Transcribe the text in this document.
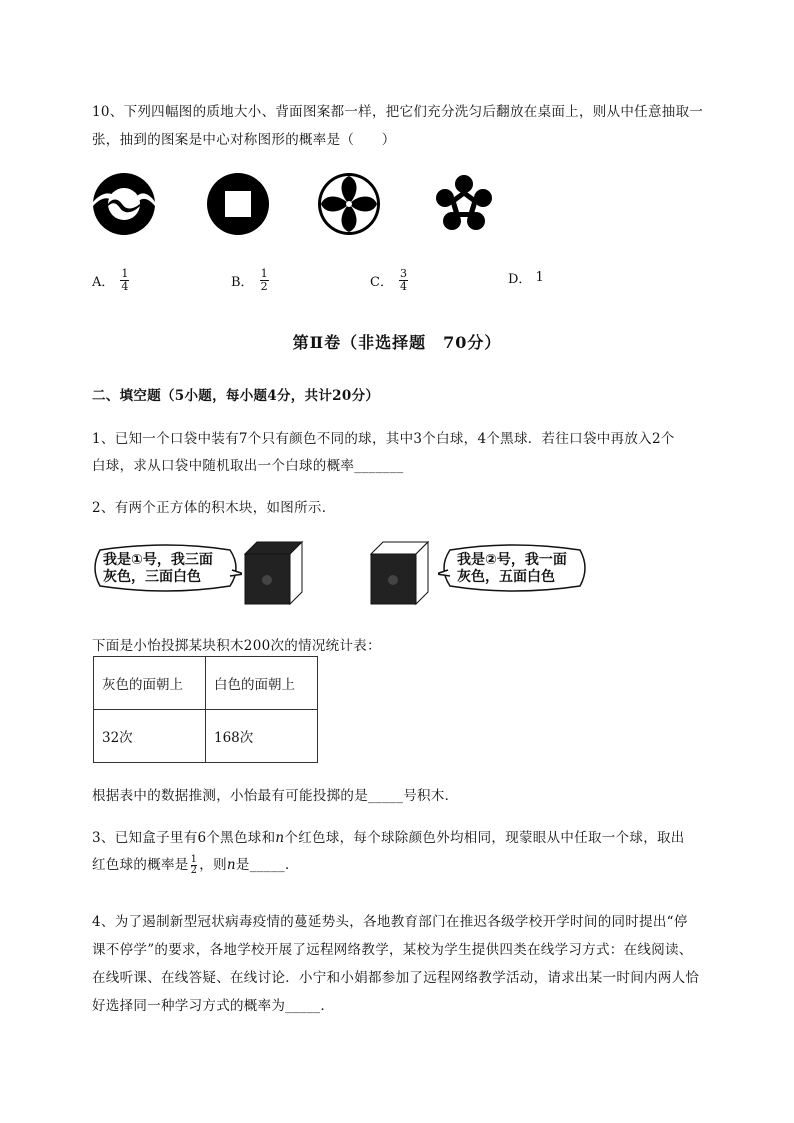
10、下列四幅图的质地大小、背面图案都一样，把它们充分洗匀后翻放在桌面上，则从中任意抽取一
张，抽到的图案是中心对称图形的概率是（　　）
A． $\frac{1}{4}$	B． $\frac{1}{2}$	C． $\frac{3}{4}$	D． 1
第Ⅱ卷（非选择题　70分）
二、填空题（5小题，每小题4分，共计20分）
1、已知一个口袋中装有7个只有颜色不同的球，其中3个白球，4个黑球．若往口袋中再放入2个
白球，求从口袋中随机取出一个白球的概率_______
2、有两个正方体的积木块，如图所示．
我是①号，我三面
灰色，三面白色
我是②号，我一面
灰色，五面白色
下面是小怡投掷某块积木200次的情况统计表：
灰色的面朝上	白色的面朝上
32次	168次
根据表中的数据推测，小怡最有可能投掷的是_____号积木．
3、已知盒子里有6个黑色球和n个红色球，每个球除颜色外均相同，现蒙眼从中任取一个球，取出
红色球的概率是 $\frac{1}{2}$ ，则n是_____．
4、为了遏制新型冠状病毒疫情的蔓延势头，各地教育部门在推迟各级学校开学时间的同时提出“停
课不停学”的要求，各地学校开展了远程网络教学，某校为学生提供四类在线学习方式：在线阅读、
在线听课、在线答疑、在线讨论．小宁和小娟都参加了远程网络教学活动，请求出某一时间内两人恰
好选择同一种学习方式的概率为_____．
